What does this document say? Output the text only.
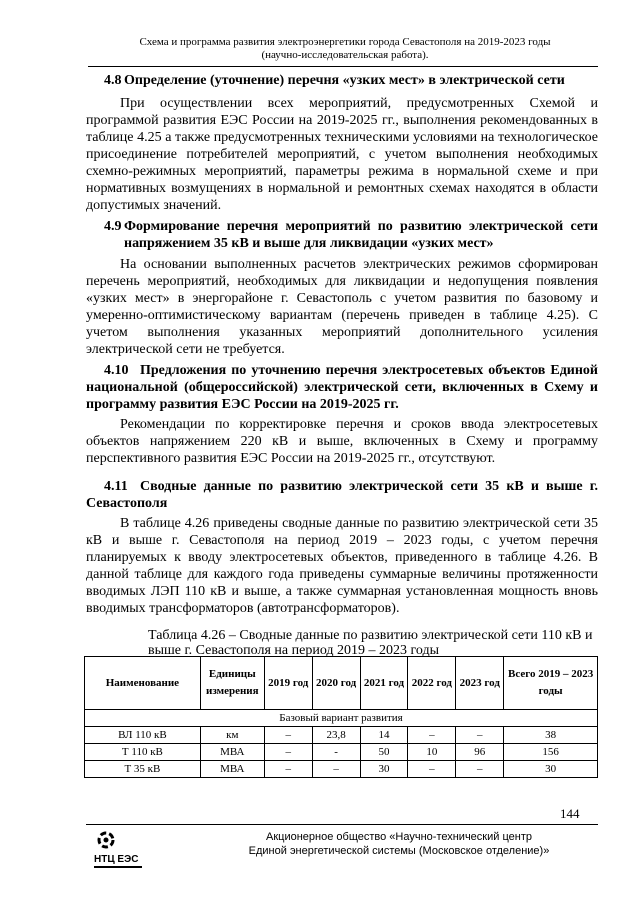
Схема и программа развития электроэнергетики города Севастополя на 2019-2023 годы
(научно-исследовательская работа).
4.8 Определение (уточнение) перечня «узких мест» в электрической сети
При осуществлении всех мероприятий, предусмотренных Схемой и программой развития ЕЭС России на 2019-2025 гг., выполнения рекомендованных в таблице 4.25 а также предусмотренных техническими условиями на технологическое присоединение потребителей мероприятий, с учетом выполнения необходимых схемно-режимных мероприятий, параметры режима в нормальной схеме и при нормативных возмущениях в нормальной и ремонтных схемах находятся в области допустимых значений.
4.9 Формирование перечня мероприятий по развитию электрической сети напряжением 35 кВ и выше для ликвидации «узких мест»
На основании выполненных расчетов электрических режимов сформирован перечень мероприятий, необходимых для ликвидации и недопущения появления «узких мест» в энергорайоне г. Севастополь с учетом развития по базовому и умеренно-оптимистическому вариантам (перечень приведен в таблице 4.25). С учетом выполнения указанных мероприятий дополнительного усиления электрической сети не требуется.
4.10 Предложения по уточнению перечня электросетевых объектов Единой национальной (общероссийской) электрической сети, включенных в Схему и программу развития ЕЭС России на 2019-2025 гг.
Рекомендации по корректировке перечня и сроков ввода электросетевых объектов напряжением 220 кВ и выше, включенных в Схему и программу перспективного развития ЕЭС России на 2019-2025 гг., отсутствуют.
4.11 Сводные данные по развитию электрической сети 35 кВ и выше г. Севастополя
В таблице 4.26 приведены сводные данные по развитию электрической сети 35 кВ и выше г. Севастополя на период 2019 – 2023 годы, с учетом перечня планируемых к вводу электросетевых объектов, приведенного в таблице 4.26. В данной таблице для каждого года приведены суммарные величины протяженности вводимых ЛЭП 110 кВ и выше, а также суммарная установленная мощность вновь вводимых трансформаторов (автотрансформаторов).
Таблица 4.26 – Сводные данные по развитию электрической сети 110 кВ и выше г. Севастополя на период 2019 – 2023 годы
Наименование	Единицы измерения	2019 год	2020 год	2021 год	2022 год	2023 год	Всего 2019 – 2023 годы
Базовый вариант развития							
ВЛ 110 кВ	км	–	23,8	14	–	–	38
Т 110 кВ	МВА	–	-	50	10	96	156
Т 35 кВ	МВА	–	–	30	–	–	30
144
НТЦ ЕЭС
Акционерное общество «Научно-технический центр
Единой энергетической системы (Московское отделение)»
